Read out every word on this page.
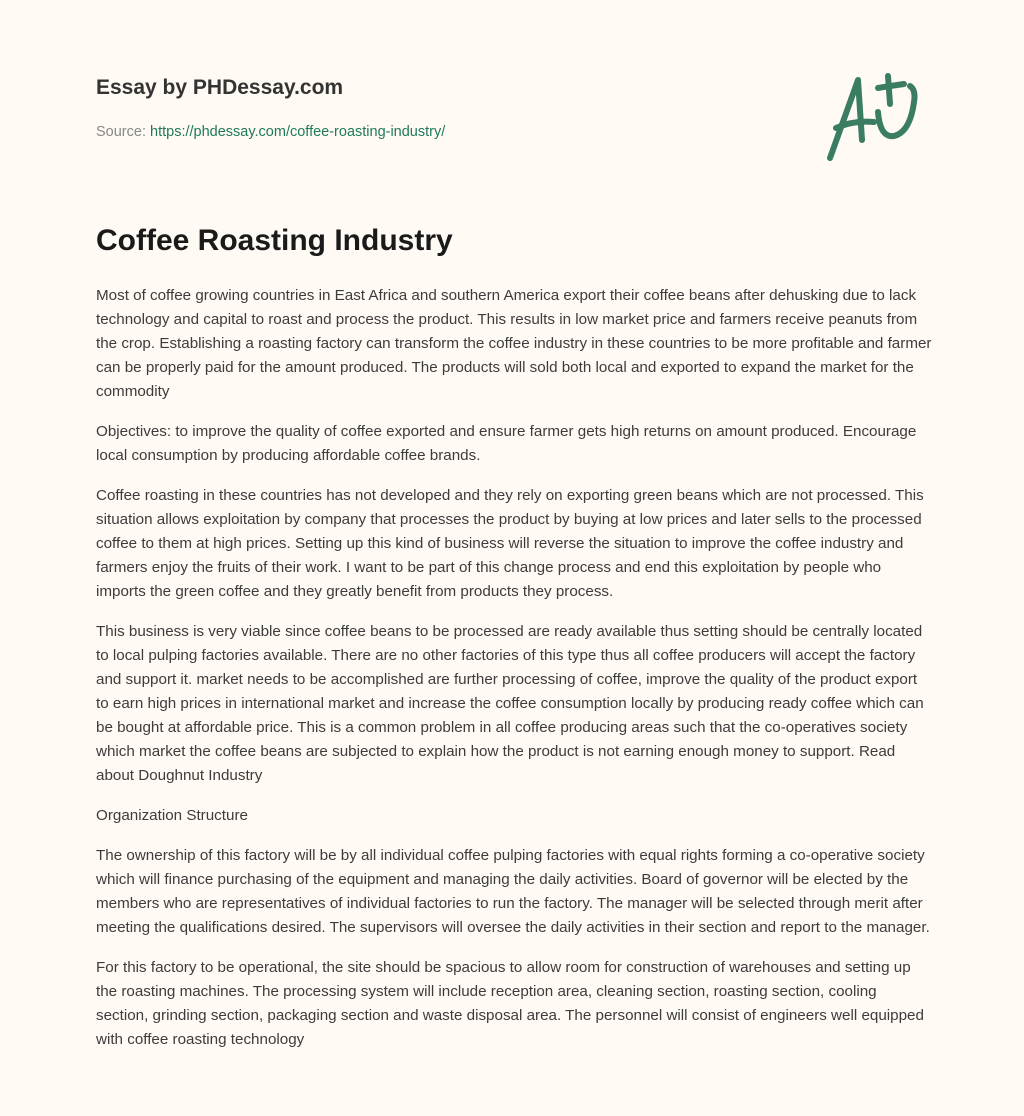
Essay by PHDessay.com

Source: https://phdessay.com/coffee-roasting-industry/

Coffee Roasting Industry

Most of coffee growing countries in East Africa and southern America export their coffee beans after dehusking due to lack technology and capital to roast and process the product. This results in low market price and farmers receive peanuts from the crop. Establishing a roasting factory can transform the coffee industry in these countries to be more profitable and farmer can be properly paid for the amount produced. The products will sold both local and exported to expand the market for the commodity

Objectives: to improve the quality of coffee exported and ensure farmer gets high returns on amount produced. Encourage local consumption by producing affordable coffee brands.

Coffee roasting in these countries has not developed and they rely on exporting green beans which are not processed. This situation allows exploitation by company that processes the product by buying at low prices and later sells to the processed coffee to them at high prices. Setting up this kind of business will reverse the situation to improve the coffee industry and farmers enjoy the fruits of their work. I want to be part of this change process and end this exploitation by people who imports the green coffee and they greatly benefit from products they process.

This business is very viable since coffee beans to be processed are ready available thus setting should be centrally located to local pulping factories available. There are no other factories of this type thus all coffee producers will accept the factory and support it. market needs to be accomplished are further processing of coffee, improve the quality of the product export to earn high prices in international market and increase the coffee consumption locally by producing ready coffee which can be bought at affordable price. This is a common problem in all coffee producing areas such that the co-operatives society which market the coffee beans are subjected to explain how the product is not earning enough money to support. Read about Doughnut Industry

Organization Structure

The ownership of this factory will be by all individual coffee pulping factories with equal rights forming a co-operative society which will finance purchasing of the equipment and managing the daily activities. Board of governor will be elected by the members who are representatives of individual factories to run the factory. The manager will be selected through merit after meeting the qualifications desired. The supervisors will oversee the daily activities in their section and report to the manager.

For this factory to be operational, the site should be spacious to allow room for construction of warehouses and setting up the roasting machines. The processing system will include reception area, cleaning section, roasting section, cooling section, grinding section, packaging section and waste disposal area. The personnel will consist of engineers well equipped with coffee roasting technology
